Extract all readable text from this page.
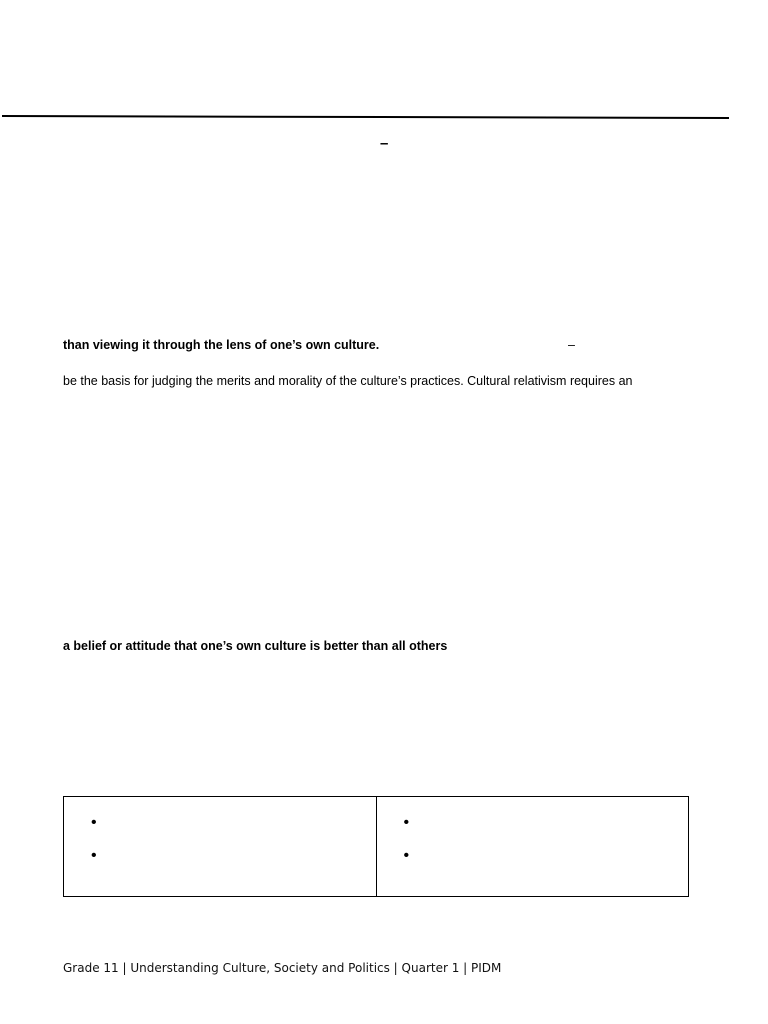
–
than viewing it through the lens of one’s own culture.	–
be the basis for judging the merits and morality of the culture’s practices. Cultural relativism requires an
a belief or attitude that one’s own culture is better than all others
•
•
•
•
Grade 11 | Understanding Culture, Society and Politics | Quarter 1 | PIDM
